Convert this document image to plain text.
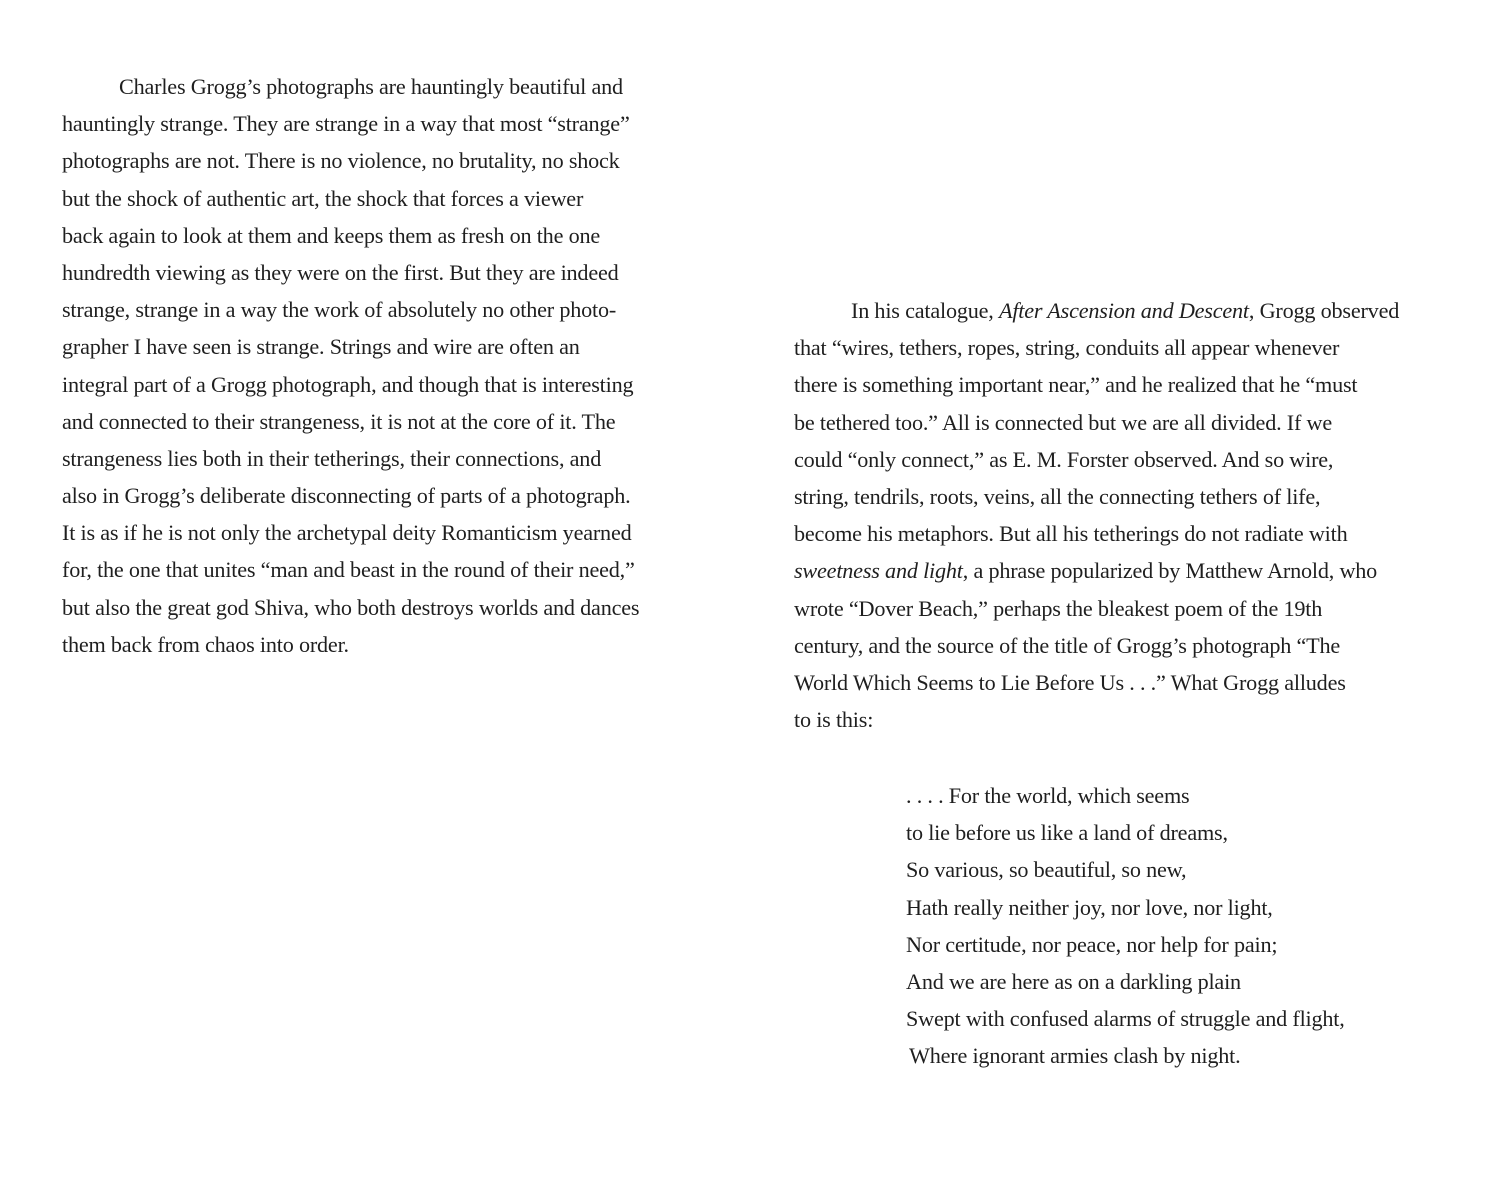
Charles Grogg’s photographs are hauntingly beautiful and
hauntingly strange. They are strange in a way that most “strange”
photographs are not. There is no violence, no brutality, no shock
but the shock of authentic art, the shock that forces a viewer
back again to look at them and keeps them as fresh on the one
hundredth viewing as they were on the first. But they are indeed
strange, strange in a way the work of absolutely no other photo-
grapher I have seen is strange. Strings and wire are often an
integral part of a Grogg photograph, and though that is interesting
and connected to their strangeness, it is not at the core of it. The
strangeness lies both in their tetherings, their connections, and
also in Grogg’s deliberate disconnecting of parts of a photograph.
It is as if he is not only the archetypal deity Romanticism yearned
for, the one that unites “man and beast in the round of their need,”
but also the great god Shiva, who both destroys worlds and dances
them back from chaos into order.
In his catalogue, After Ascension and Descent, Grogg observed
that “wires, tethers, ropes, string, conduits all appear whenever
there is something important near,” and he realized that he “must
be tethered too.” All is connected but we are all divided. If we
could “only connect,” as E. M. Forster observed. And so wire,
string, tendrils, roots, veins, all the connecting tethers of life,
become his metaphors. But all his tetherings do not radiate with
sweetness and light, a phrase popularized by Matthew Arnold, who
wrote “Dover Beach,” perhaps the bleakest poem of the 19th
century, and the source of the title of Grogg’s photograph “The
World Which Seems to Lie Before Us . . .” What Grogg alludes
to is this:
. . . . For the world, which seems
to lie before us like a land of dreams,
So various, so beautiful, so new,
Hath really neither joy, nor love, nor light,
Nor certitude, nor peace, nor help for pain;
And we are here as on a darkling plain
Swept with confused alarms of struggle and flight,
Where ignorant armies clash by night.
